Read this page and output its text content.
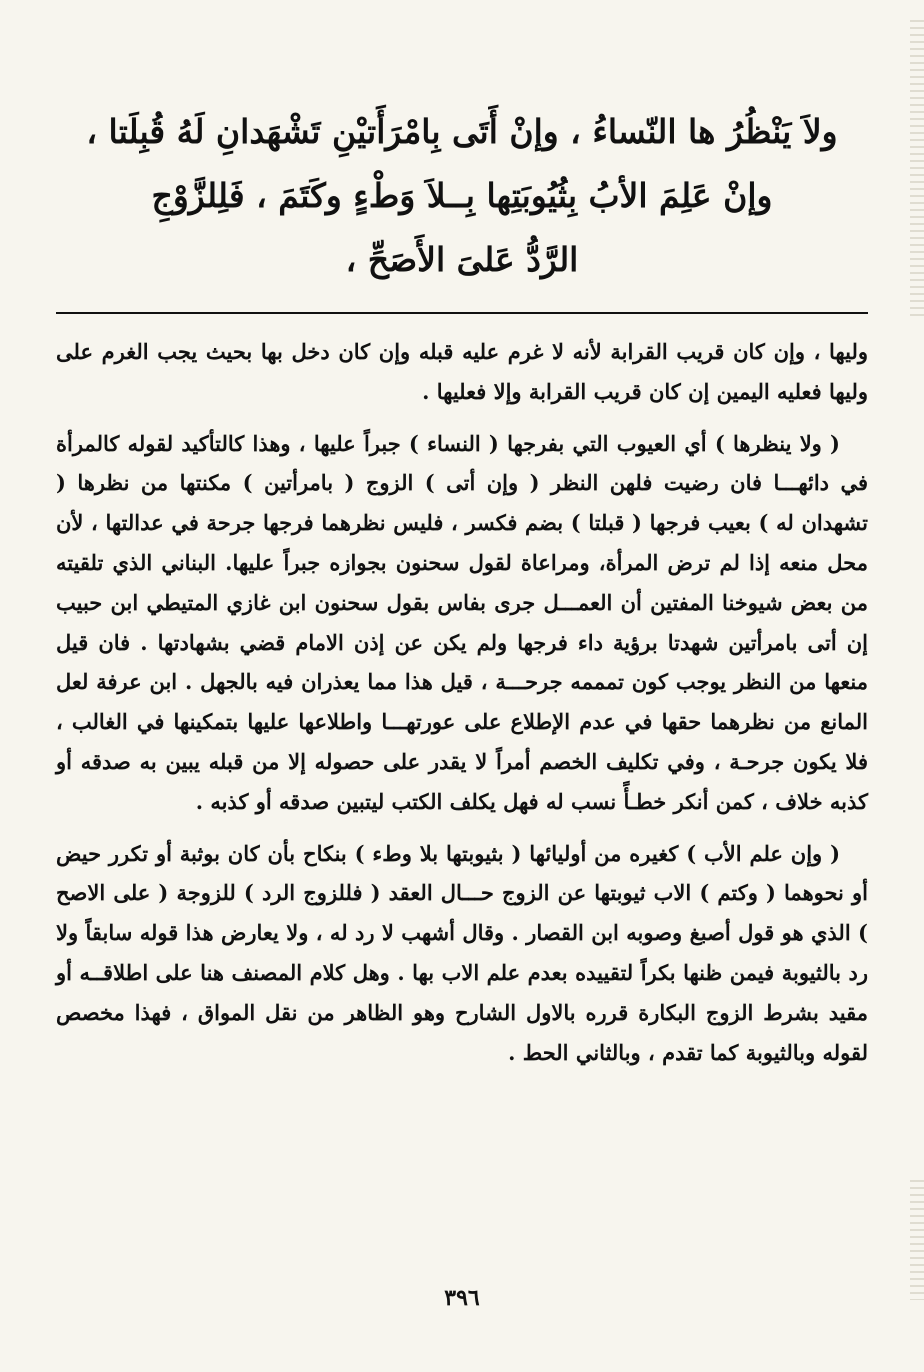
ولاَ يَنْظُرُ ها النّساءُ ، وإنْ أَتَى بِامْرَأَتيْنِ تَشْهَدانِ لَهُ قُبِلَتا ،
وإنْ عَلِمَ الأبُ بِثُيُوبَتِها بِــلاَ وَطْءٍ وكَتَمَ ، فَلِلزَّوْجِ
الرَّدُّ عَلىَ الأَصَحِّ ،

وليها ، وإن كان قريب القرابة لأنه لا غرم عليه قبله وإن كان دخل بها بحيث يجب الغرم على وليها فعليه اليمين إن كان قريب القرابة وإلا فعليها .

( ولا ينظرها ) أي العيوب التي بفرجها ( النساء ) جبراً عليها ، وهذا كالتأكيد لقوله كالمرأة في دائهـــا فان رضيت فلهن النظر ( وإن أتى ) الزوج ( بامرأتين ) مكنتها من نظرها ( تشهدان له ) بعيب فرجها ( قبلتا ) بضم فكسر ، فليس نظرهما فرجها جرحة في عدالتها ، لأن محل منعه إذا لم ترض المرأة، ومراعاة لقول سحنون بجوازه جبراً عليها. البناني الذي تلقيته من بعض شيوخنا المفتين أن العمـــل جرى بفاس بقول سحنون ابن غازي المتيطي ابن حبيب إن أتى بامرأتين شهدتا برؤية داء فرجها ولم يكن عن إذن الامام قضي بشهادتها . فان قيل منعها من النظر يوجب كون تمممه جرحـــة ، قيل هذا مما يعذران فيه بالجهل . ابن عرفة لعل المانع من نظرهما حقها في عدم الإطلاع على عورتهـــا واطلاعها عليها بتمكينها في الغالب ، فلا يكون جرحـة ، وفي تكليف الخصم أمراً لا يقدر على حصوله إلا من قبله يبين به صدقه أو كذبه خلاف ، كمن أنكر خطـأً نسب له فهل يكلف الكتب ليتبين صدقه أو كذبه .

( وإن علم الأب ) كغيره من أوليائها ( بثيوبتها بلا وطء ) بنكاح بأن كان بوثبة أو تكرر حيض أو نحوهما ( وكتم ) الاب ثيوبتها عن الزوج حـــال العقد ( فللزوج الرد ) للزوجة ( على الاصح ) الذي هو قول أصبغ وصوبه ابن القصار . وقال أشهب لا رد له ، ولا يعارض هذا قوله سابقاً ولا رد بالثيوبة فيمن ظنها بكراً لتقييده بعدم علم الاب بها . وهل كلام المصنف هنا على اطلاقــه أو مقيد بشرط الزوج البكارة قرره بالاول الشارح وهو الظاهر من نقل المواق ، فهذا مخصص لقوله وبالثيوبة كما تقدم ، وبالثاني الحط .

٣٩٦
